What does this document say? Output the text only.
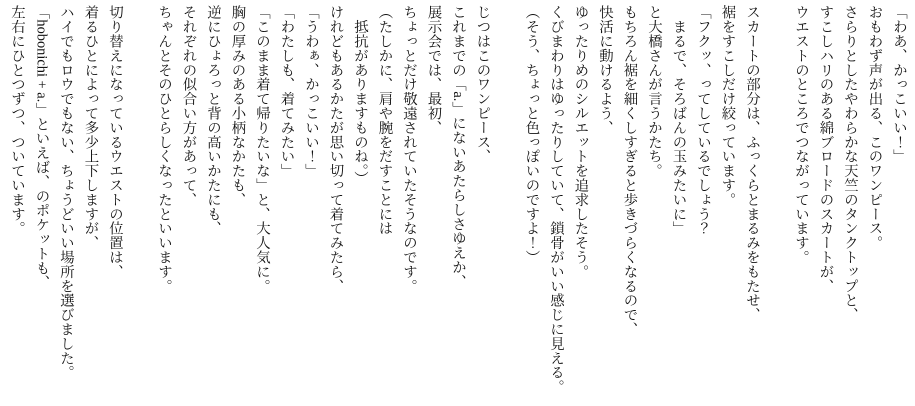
「わあ、かっこいい！」
おもわず声が出る、このワンピース。
さらりとしたやわらかな天竺のタンクトップと、
すこしハリのある綿ブロードのスカートが、
ウエストのところでつながっています。

スカートの部分は、ふっくらとまるみをもたせ、
裾をすこしだけ絞っています。
「フクッ、ってしているでしょう？
　まるで、そろばんの玉みたいに」
と大橋さんが言うかたち。
もちろん裾を細くしすぎると歩きづらくなるので、
快活に動けるよう、
ゆったりめのシルエットを追求したそう。
くびまわりはゆったりしていて、鎖骨がいい感じに見える。
（そう、ちょっと色っぽいのですよ！）

じつはこのワンピース、
これまでの「a.」にないあたらしさゆえか、
展示会では、最初、
ちょっとだけ敬遠されていたそうなのです。
（たしかに、肩や腕をだすことには
　抵抗がありますものね。）
けれどもあるかたが思い切って着てみたら、
「うわぁ、かっこいい！」
「わたしも、着てみたい」
「このまま着て帰りたいな」と、大人気に。
胸の厚みのある小柄なかたも、
逆にひょろっと背の高いかたにも、
それぞれの似合い方があって、
ちゃんとそのひとらしくなったといいます。

切り替えになっているウエストの位置は、
着るひとによって多少上下しますが、
ハイでもロウでもない、ちょうどいい場所を選びました。
「hobonichi + a.」といえば、のポケットも、
左右にひとつずつ、ついています。
